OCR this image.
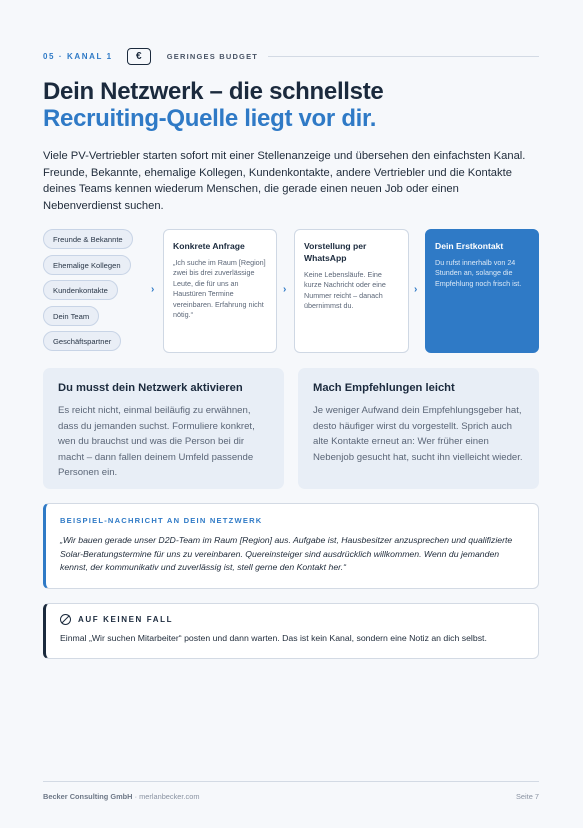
05 · KANAL 1	€	GERINGES BUDGET
Dein Netzwerk – die schnellste
Recruiting-Quelle liegt vor dir.

Viele PV-Vertriebler starten sofort mit einer Stellenanzeige und übersehen den einfachsten Kanal. Freunde, Bekannte, ehemalige Kollegen, Kundenkontakte, andere Vertriebler und die Kontakte deines Teams kennen wiederum Menschen, die gerade einen neuen Job oder einen Nebenverdienst suchen.

Freunde & Bekannte Ehemalige Kollegen Kundenkontakte Dein Team Geschäftspartner
›
Konkrete Anfrage
„Ich suche im Raum [Region] zwei bis drei zuverlässige Leute, die für uns an Haustüren Termine vereinbaren. Erfahrung nicht nötig.“
›
Vorstellung per WhatsApp
Keine Lebensläufe. Eine kurze Nachricht oder eine Nummer reicht – danach übernimmst du.
›
Dein Erstkontakt
Du rufst innerhalb von 24 Stunden an, solange die Empfehlung noch frisch ist.
Du musst dein Netzwerk aktivieren
Es reicht nicht, einmal beiläufig zu erwähnen, dass du jemanden suchst. Formuliere konkret, wen du brauchst und was die Person bei dir macht – dann fallen deinem Umfeld passende Personen ein.
Mach Empfehlungen leicht
Je weniger Aufwand dein Empfehlungsgeber hat, desto häufiger wirst du vorgestellt. Sprich auch alte Kontakte erneut an: Wer früher einen Nebenjob gesucht hat, sucht ihn vielleicht wieder.
BEISPIEL-NACHRICHT AN DEIN NETZWERK
„Wir bauen gerade unser D2D-Team im Raum [Region] aus. Aufgabe ist, Hausbesitzer anzusprechen und qualifizierte Solar-Beratungstermine für uns zu vereinbaren. Quereinsteiger sind ausdrücklich willkommen. Wenn du jemanden kennst, der kommunikativ und zuverlässig ist, stell gerne den Kontakt her.“
AUF KEINEN FALL
Einmal „Wir suchen Mitarbeiter“ posten und dann warten. Das ist kein Kanal, sondern eine Notiz an dich selbst.
Becker Consulting GmbH · merlanbecker.com	Seite 7
